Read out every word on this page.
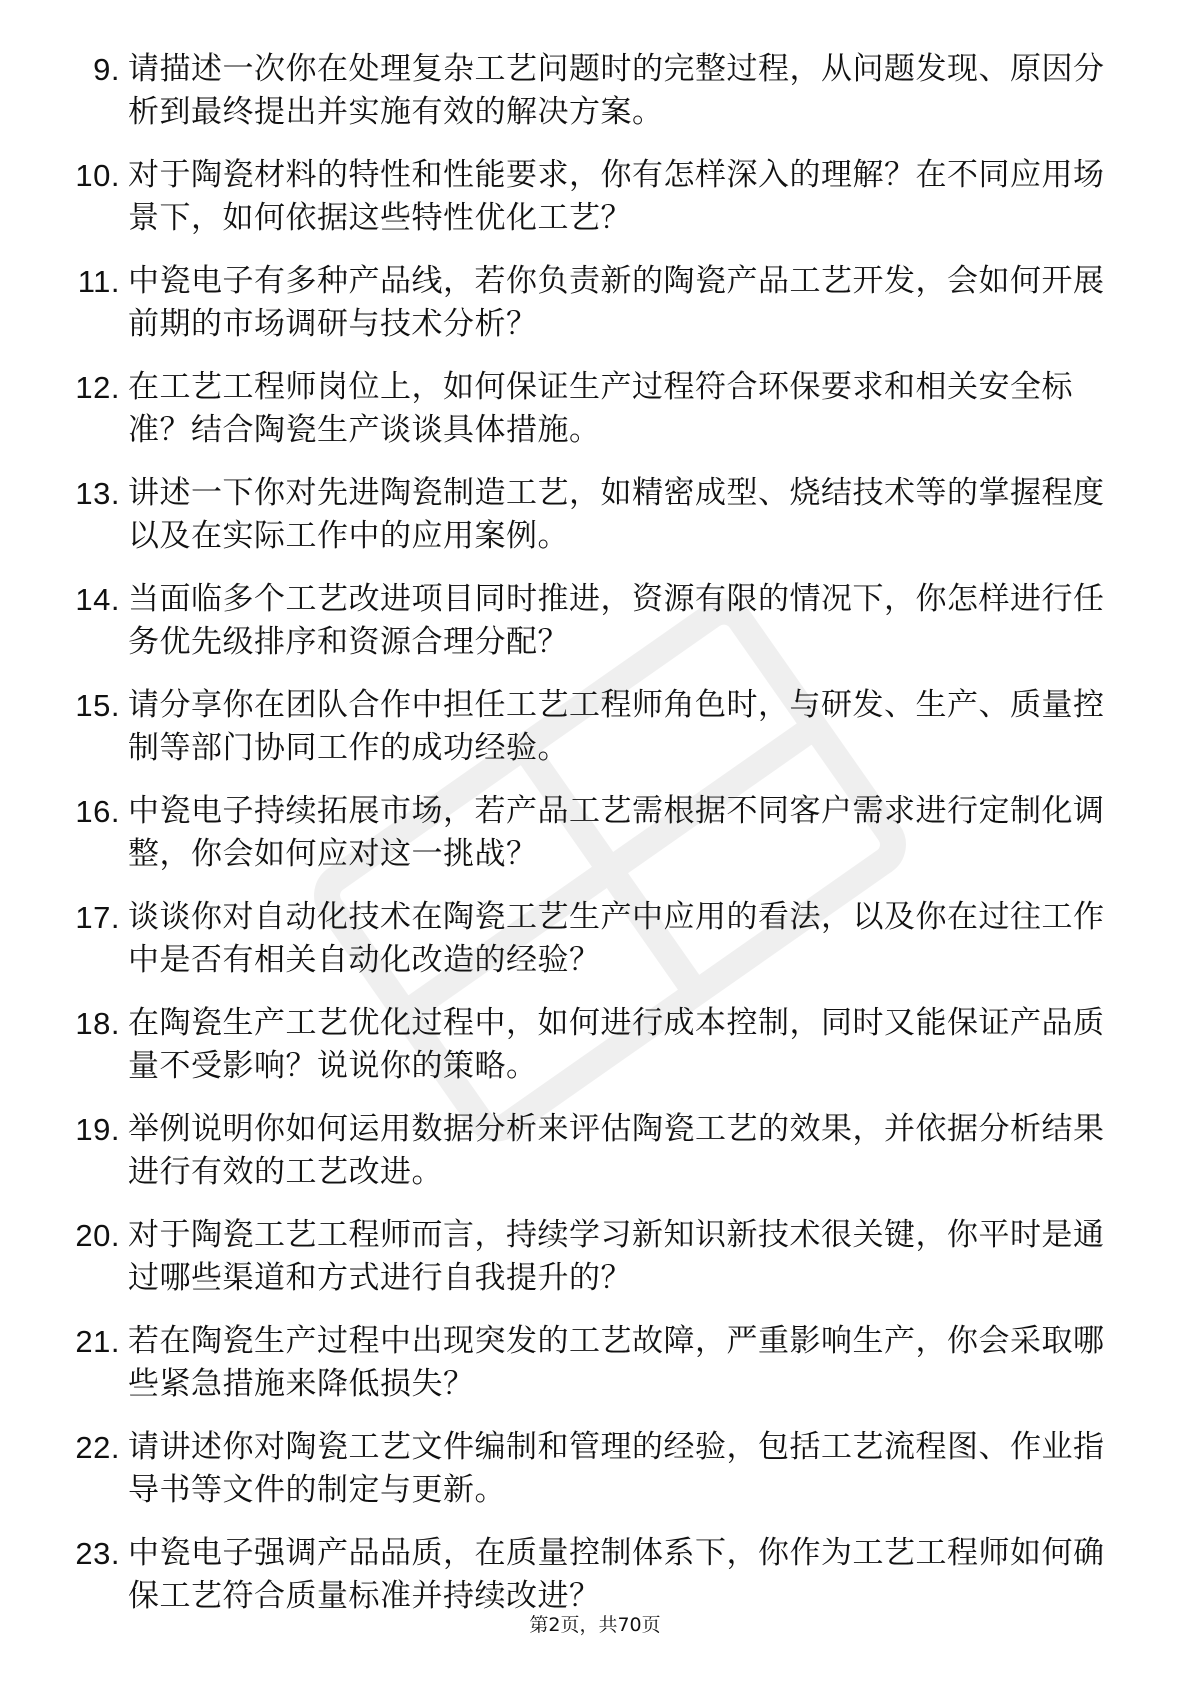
9. 请描述一次你在处理复杂工艺问题时的完整过程，从问题发现、原因分析到最终提出并实施有效的解决方案。
10. 对于陶瓷材料的特性和性能要求，你有怎样深入的理解？在不同应用场景下，如何依据这些特性优化工艺？
11. 中瓷电子有多种产品线，若你负责新的陶瓷产品工艺开发，会如何开展前期的市场调研与技术分析？
12. 在工艺工程师岗位上，如何保证生产过程符合环保要求和相关安全标准？结合陶瓷生产谈谈具体措施。
13. 讲述一下你对先进陶瓷制造工艺，如精密成型、烧结技术等的掌握程度以及在实际工作中的应用案例。
14. 当面临多个工艺改进项目同时推进，资源有限的情况下，你怎样进行任务优先级排序和资源合理分配？
15. 请分享你在团队合作中担任工艺工程师角色时，与研发、生产、质量控制等部门协同工作的成功经验。
16. 中瓷电子持续拓展市场，若产品工艺需根据不同客户需求进行定制化调整，你会如何应对这一挑战？
17. 谈谈你对自动化技术在陶瓷工艺生产中应用的看法，以及你在过往工作中是否有相关自动化改造的经验？
18. 在陶瓷生产工艺优化过程中，如何进行成本控制，同时又能保证产品质量不受影响？说说你的策略。
19. 举例说明你如何运用数据分析来评估陶瓷工艺的效果，并依据分析结果进行有效的工艺改进。
20. 对于陶瓷工艺工程师而言，持续学习新知识新技术很关键，你平时是通过哪些渠道和方式进行自我提升的？
21. 若在陶瓷生产过程中出现突发的工艺故障，严重影响生产，你会采取哪些紧急措施来降低损失？
22. 请讲述你对陶瓷工艺文件编制和管理的经验，包括工艺流程图、作业指导书等文件的制定与更新。
23. 中瓷电子强调产品品质，在质量控制体系下，你作为工艺工程师如何确保工艺符合质量标准并持续改进？
第2页，共70页
